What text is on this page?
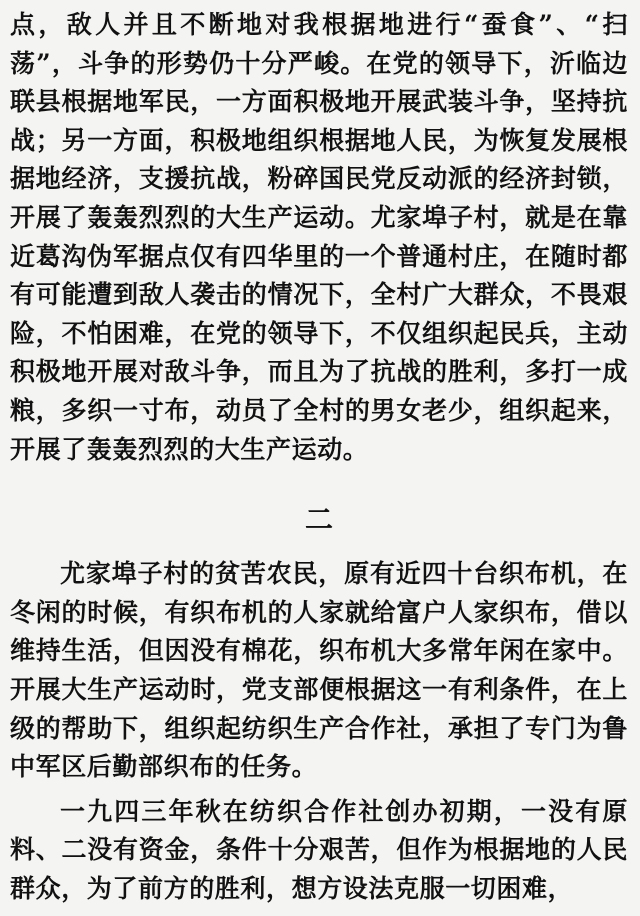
点，敌人并且不断地对我根据地进行“蚕食”、“扫荡”，斗争的形势仍十分严峻。在党的领导下，沂临边联县根据地军民，一方面积极地开展武装斗争，坚持抗战；另一方面，积极地组织根据地人民，为恢复发展根据地经济，支援抗战，粉碎国民党反动派的经济封锁，开展了轰轰烈烈的大生产运动。尤家埠子村，就是在靠近葛沟伪军据点仅有四华里的一个普通村庄，在随时都有可能遭到敌人袭击的情况下，全村广大群众，不畏艰险，不怕困难，在党的领导下，不仅组织起民兵，主动积极地开展对敌斗争，而且为了抗战的胜利，多打一成粮，多织一寸布，动员了全村的男女老少，组织起来，开展了轰轰烈烈的大生产运动。

二

尤家埠子村的贫苦农民，原有近四十台织布机，在冬闲的时候，有织布机的人家就给富户人家织布，借以维持生活，但因没有棉花，织布机大多常年闲在家中。开展大生产运动时，党支部便根据这一有利条件，在上级的帮助下，组织起纺织生产合作社，承担了专门为鲁中军区后勤部织布的任务。

一九四三年秋在纺织合作社创办初期，一没有原料、二没有资金，条件十分艰苦，但作为根据地的人民群众，为了前方的胜利，想方设法克服一切困难，
